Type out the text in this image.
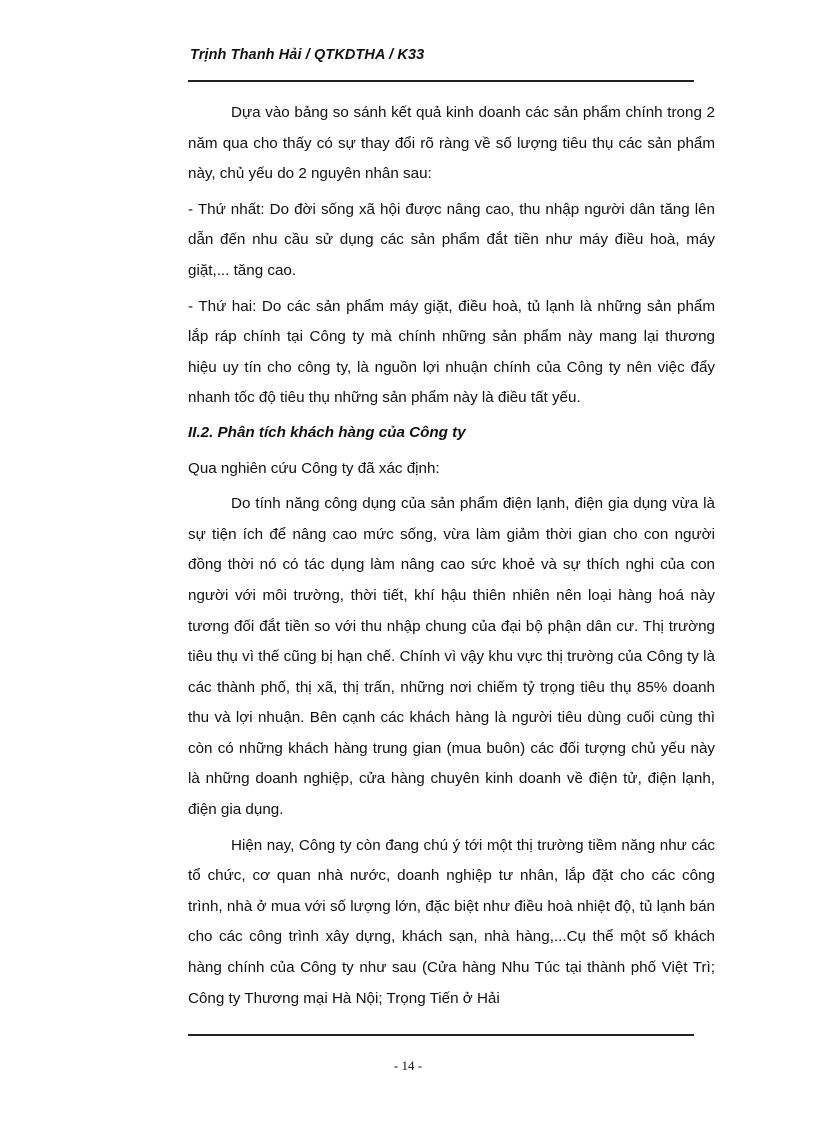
Trịnh Thanh Hải / QTKDTHA / K33

Dựa vào bảng so sánh kết quả kinh doanh các sản phẩm chính trong 2 năm qua cho thấy có sự thay đổi rõ ràng về số lượng tiêu thụ các sản phẩm này, chủ yếu do 2 nguyên nhân sau:

- Thứ nhất: Do đời sống xã hội được nâng cao, thu nhập người dân tăng lên dẫn đến nhu cầu sử dụng các sản phẩm đắt tiền như máy điều hoà, máy giặt,... tăng cao.

- Thứ hai: Do các sản phẩm máy giặt, điều hoà, tủ lạnh là những sản phẩm lắp ráp chính tại Công ty mà chính những sản phẩm này mang lại thương hiệu uy tín cho công ty, là nguồn lợi nhuận chính của Công ty nên việc đẩy nhanh tốc độ tiêu thụ những sản phẩm này là điều tất yếu.

II.2. Phân tích khách hàng của Công ty

Qua nghiên cứu Công ty đã xác định:

Do tính năng công dụng của sản phẩm điện lạnh, điện gia dụng vừa là sự tiện ích để nâng cao mức sống, vừa làm giảm thời gian cho con người đồng thời nó có tác dụng làm nâng cao sức khoẻ và sự thích nghi của con người với môi trường, thời tiết, khí hậu thiên nhiên nên loại hàng hoá này tương đối đắt tiền so với thu nhập chung của đại bộ phận dân cư. Thị trường tiêu thụ vì thế cũng bị hạn chế. Chính vì vậy khu vực thị trường của Công ty là các thành phố, thị xã, thị trấn, những nơi chiếm tỷ trọng tiêu thụ 85% doanh thu và lợi nhuận. Bên cạnh các khách hàng là người tiêu dùng cuối cùng thì còn có những khách hàng trung gian (mua buôn) các đối tượng chủ yếu này là những doanh nghiệp, cửa hàng chuyên kinh doanh về điện tử, điện lạnh, điện gia dụng.

Hiện nay, Công ty còn đang chú ý tới một thị trường tiềm năng như các tổ chức, cơ quan nhà nước, doanh nghiệp tư nhân, lắp đặt cho các công trình, nhà ở mua với số lượng lớn, đặc biệt như điều hoà nhiệt độ, tủ lạnh bán cho các công trình xây dựng, khách sạn, nhà hàng,...Cụ thể một số khách hàng chính của Công ty như sau (Cửa hàng Nhu Túc tại thành phố Việt Trì; Công ty Thương mại Hà Nội; Trọng Tiến ở Hải

- 14 -
